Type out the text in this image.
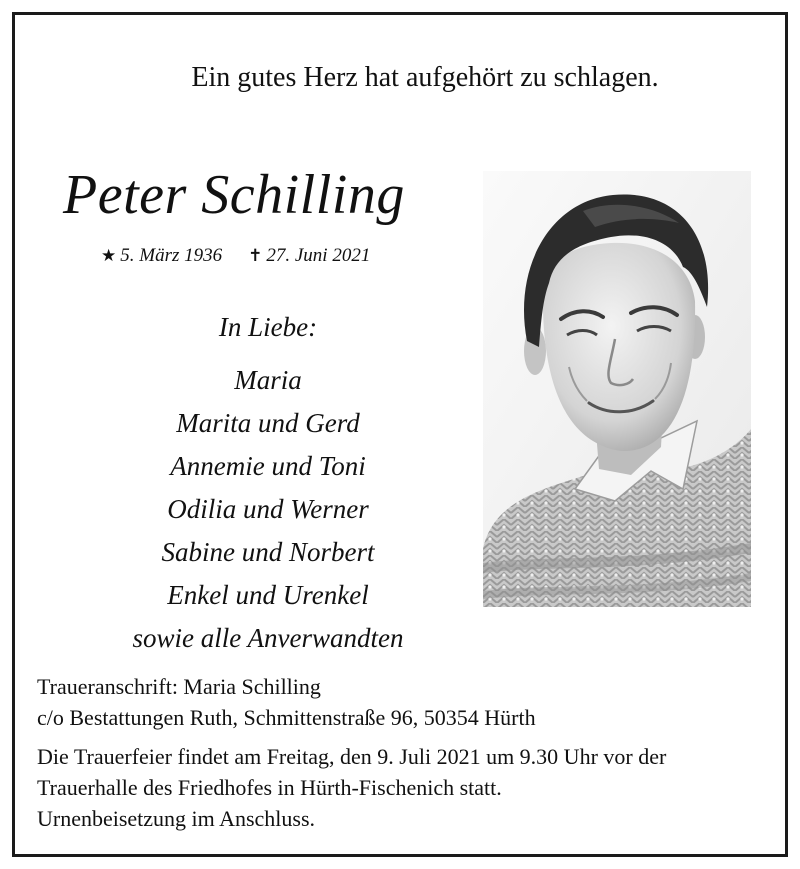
Ein gutes Herz hat aufgehört zu schlagen.
Peter Schilling
★ 5. März 1936 ✝ 27. Juni 2021
In Liebe:
Maria
Marita und Gerd
Annemie und Toni
Odilia und Werner
Sabine und Norbert
Enkel und Urenkel
sowie alle Anverwandten
Traueranschrift: Maria Schilling
c/o Bestattungen Ruth, Schmittenstraße 96, 50354 Hürth
Die Trauerfeier findet am Freitag, den 9. Juli 2021 um 9.30 Uhr vor der
Trauerhalle des Friedhofes in Hürth-Fischenich statt.
Urnenbeisetzung im Anschluss.
